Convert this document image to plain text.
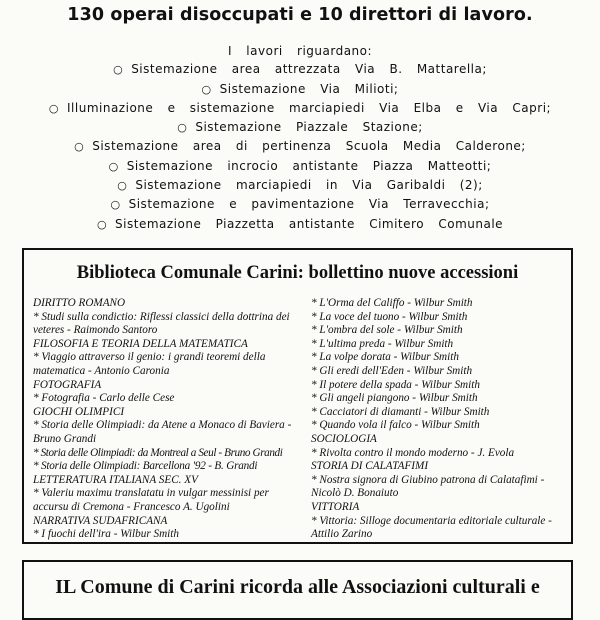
130 operai disoccupati e 10 direttori di lavoro.
I lavori riguardano:
○ Sistemazione area attrezzata Via B. Mattarella;
○ Sistemazione Via Milioti;
○ Illuminazione e sistemazione marciapiedi Via Elba e Via Capri;
○ Sistemazione Piazzale Stazione;
○ Sistemazione area di pertinenza Scuola Media Calderone;
○ Sistemazione incrocio antistante Piazza Matteotti;
○ Sistemazione marciapiedi in Via Garibaldi (2);
○ Sistemazione e pavimentazione Via Terravecchia;
○ Sistemazione Piazzetta antistante Cimitero Comunale
Biblioteca Comunale Carini: bollettino nuove accessioni
DIRITTO ROMANO
* Studi sulla condictio: Riflessi classici della dottrina dei veteres - Raimondo Santoro
FILOSOFIA E TEORIA DELLA MATEMATICA
* Viaggio attraverso il genio: i grandi teoremi della matematica - Antonio Caronia
FOTOGRAFIA
* Fotografia - Carlo delle Cese
GIOCHI OLIMPICI
* Storia delle Olimpiadi: da Atene a Monaco di Baviera - Bruno Grandi
* Storia delle Olimpiadi: da Montreal a Seul - Bruno Grandi
* Storia delle Olimpiadi: Barcellona '92 - B. Grandi
LETTERATURA ITALIANA SEC. XV
* Valeriu maximu translatatu in vulgar messinisi per accursu di Cremona - Francesco A. Ugolini
NARRATIVA SUDAFRICANA
* I fuochi dell'ira - Wilbur Smith
* L'Orma del Califfo - Wilbur Smith
* La voce del tuono - Wilbur Smith
* L'ombra del sole - Wilbur Smith
* L'ultima preda - Wilbur Smith
* La volpe dorata - Wilbur Smith
* Gli eredi dell'Eden - Wilbur Smith
* Il potere della spada - Wilbur Smith
* Gli angeli piangono - Wilbur Smith
* Cacciatori di diamanti - Wilbur Smith
* Quando vola il falco - Wilbur Smith
SOCIOLOGIA
* Rivolta contro il mondo moderno - J. Evola
STORIA DI CALATAFIMI
* Nostra signora di Giubino patrona di Calatafimi - Nicolò D. Bonaiuto
VITTORIA
* Vittoria: Silloge documentaria editoriale culturale - Attilio Zarino
IL Comune di Carini ricorda alle Associazioni culturali e
